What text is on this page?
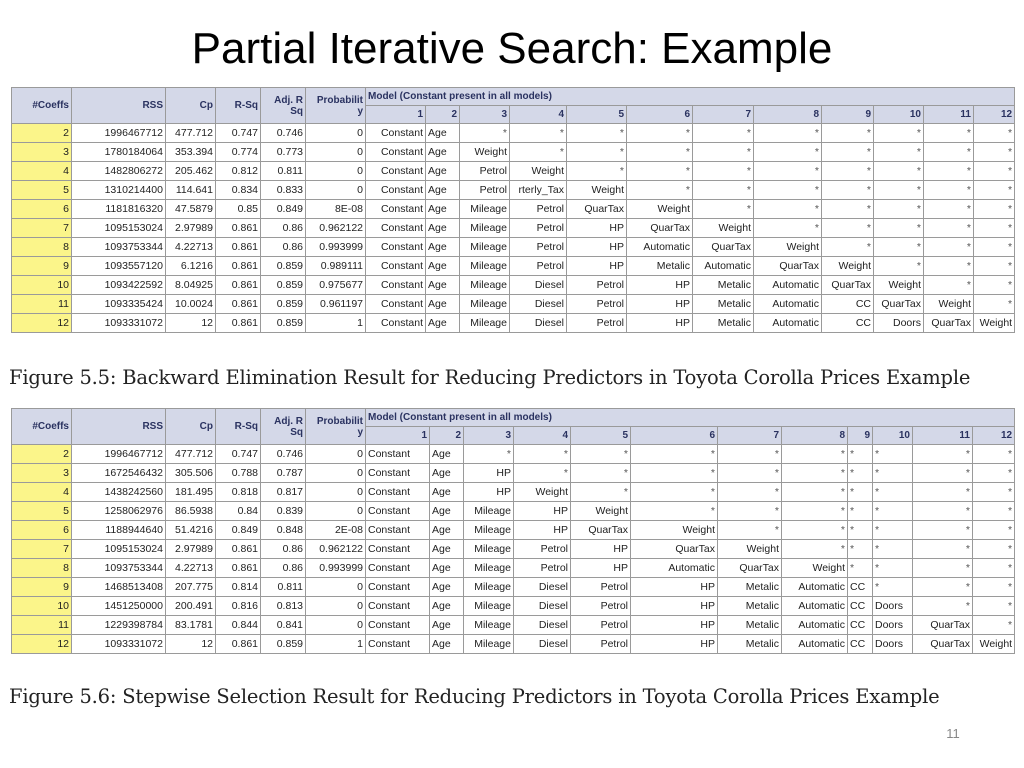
Partial Iterative Search: Example
#Coeffs	RSS	Cp	R-Sq	Adj. R
Sq	Probabilit
y	Model (Constant present in all models)											
						1	2	3	4	5	6	7	8	9	10	11	12
2	1996467712	477.712	0.747	0.746	0	Constant	Age	*	*	*	*	*	*	*	*	*	*
3	1780184064	353.394	0.774	0.773	0	Constant	Age	Weight	*	*	*	*	*	*	*	*	*
4	1482806272	205.462	0.812	0.811	0	Constant	Age	Petrol	Weight	*	*	*	*	*	*	*	*
5	1310214400	114.641	0.834	0.833	0	Constant	Age	Petrol	rterly_Tax	Weight	*	*	*	*	*	*	*
6	1181816320	47.5879	0.85	0.849	8E-08	Constant	Age	Mileage	Petrol	QuarTax	Weight	*	*	*	*	*	*
7	1095153024	2.97989	0.861	0.86	0.962122	Constant	Age	Mileage	Petrol	HP	QuarTax	Weight	*	*	*	*	*
8	1093753344	4.22713	0.861	0.86	0.993999	Constant	Age	Mileage	Petrol	HP	Automatic	QuarTax	Weight	*	*	*	*
9	1093557120	6.1216	0.861	0.859	0.989111	Constant	Age	Mileage	Petrol	HP	Metalic	Automatic	QuarTax	Weight	*	*	*
10	1093422592	8.04925	0.861	0.859	0.975677	Constant	Age	Mileage	Diesel	Petrol	HP	Metalic	Automatic	QuarTax	Weight	*	*
11	1093335424	10.0024	0.861	0.859	0.961197	Constant	Age	Mileage	Diesel	Petrol	HP	Metalic	Automatic	CC	QuarTax	Weight	*
12	1093331072	12	0.861	0.859	1	Constant	Age	Mileage	Diesel	Petrol	HP	Metalic	Automatic	CC	Doors	QuarTax	Weight
Figure 5.5: Backward Elimination Result for Reducing Predictors in Toyota Corolla Prices Example
#Coeffs	RSS	Cp	R-Sq	Adj. R
Sq	Probabilit
y	Model (Constant present in all models)											
						1	2	3	4	5	6	7	8	9	10	11	12
2	1996467712	477.712	0.747	0.746	0	Constant	Age	*	*	*	*	*	*	*	*	*	*
3	1672546432	305.506	0.788	0.787	0	Constant	Age	HP	*	*	*	*	*	*	*	*	*
4	1438242560	181.495	0.818	0.817	0	Constant	Age	HP	Weight	*	*	*	*	*	*	*	*
5	1258062976	86.5938	0.84	0.839	0	Constant	Age	Mileage	HP	Weight	*	*	*	*	*	*	*
6	1188944640	51.4216	0.849	0.848	2E-08	Constant	Age	Mileage	HP	QuarTax	Weight	*	*	*	*	*	*
7	1095153024	2.97989	0.861	0.86	0.962122	Constant	Age	Mileage	Petrol	HP	QuarTax	Weight	*	*	*	*	*
8	1093753344	4.22713	0.861	0.86	0.993999	Constant	Age	Mileage	Petrol	HP	Automatic	QuarTax	Weight	*	*	*	*
9	1468513408	207.775	0.814	0.811	0	Constant	Age	Mileage	Diesel	Petrol	HP	Metalic	Automatic	CC	*	*	*
10	1451250000	200.491	0.816	0.813	0	Constant	Age	Mileage	Diesel	Petrol	HP	Metalic	Automatic	CC	Doors	*	*
11	1229398784	83.1781	0.844	0.841	0	Constant	Age	Mileage	Diesel	Petrol	HP	Metalic	Automatic	CC	Doors	QuarTax	*
12	1093331072	12	0.861	0.859	1	Constant	Age	Mileage	Diesel	Petrol	HP	Metalic	Automatic	CC	Doors	QuarTax	Weight
Figure 5.6: Stepwise Selection Result for Reducing Predictors in Toyota Corolla Prices Example
11
